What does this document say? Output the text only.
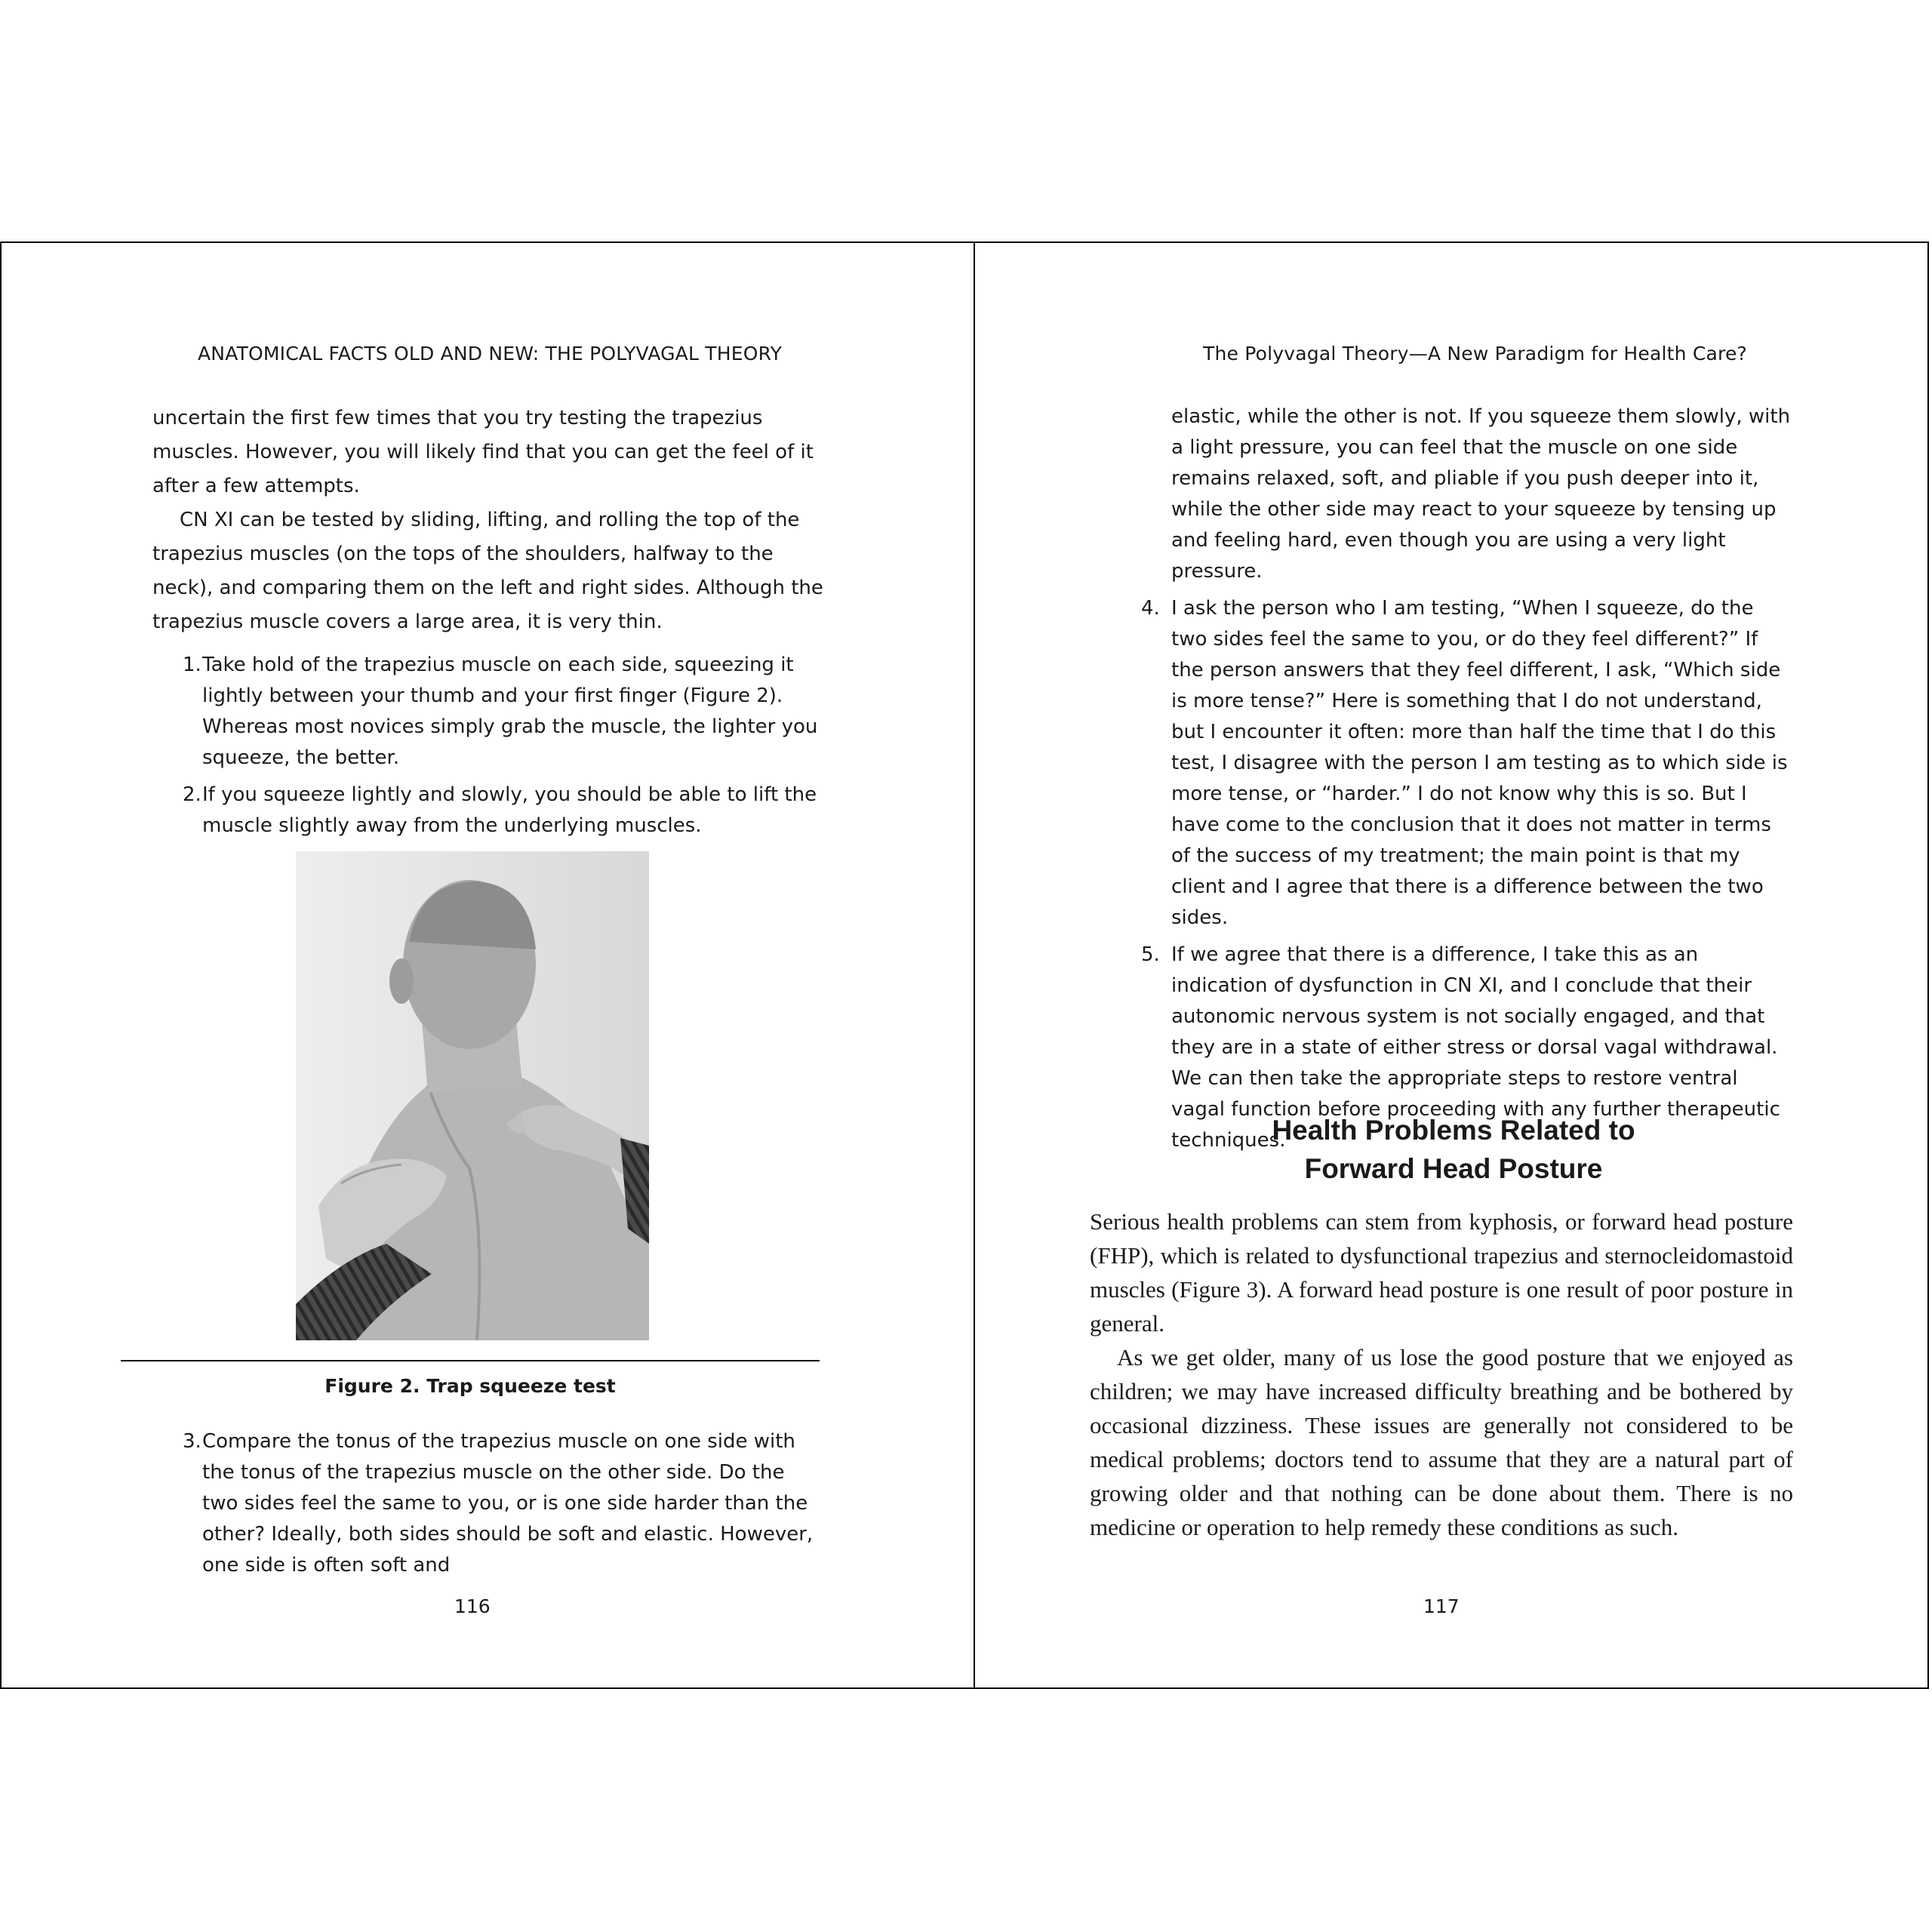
ANATOMICAL FACTS OLD AND NEW: THE POLYVAGAL THEORY

uncertain the first few times that you try testing the trapezius muscles. However, you will likely find that you can get the feel of it after a few attempts.

CN XI can be tested by sliding, lifting, and rolling the top of the trapezius muscles (on the tops of the shoulders, halfway to the neck), and comparing them on the left and right sides. Although the trapezius muscle covers a large area, it is very thin.

1. Take hold of the trapezius muscle on each side, squeezing it lightly between your thumb and your first finger (Figure 2). Whereas most novices simply grab the muscle, the lighter you squeeze, the better.
2. If you squeeze lightly and slowly, you should be able to lift the muscle slightly away from the underlying muscles.
Figure 2. Trap squeeze test
3. Compare the tonus of the trapezius muscle on one side with the tonus of the trapezius muscle on the other side. Do the two sides feel the same to you, or is one side harder than the other? Ideally, both sides should be soft and elastic. However, one side is often soft and
116
The Polyvagal Theory—A New Paradigm for Health Care?

elastic, while the other is not. If you squeeze them slowly, with a light pressure, you can feel that the muscle on one side remains relaxed, soft, and pliable if you push deeper into it, while the other side may react to your squeeze by tensing up and feeling hard, even though you are using a very light pressure.

4. I ask the person who I am testing, “When I squeeze, do the two sides feel the same to you, or do they feel different?” If the person answers that they feel different, I ask, “Which side is more tense?” Here is something that I do not understand, but I encounter it often: more than half the time that I do this test, I disagree with the person I am testing as to which side is more tense, or “harder.” I do not know why this is so. But I have come to the conclusion that it does not matter in terms of the success of my treatment; the main point is that my client and I agree that there is a difference between the two sides.
5. If we agree that there is a difference, I take this as an indication of dysfunction in CN XI, and I conclude that their autonomic nervous system is not socially engaged, and that they are in a state of either stress or dorsal vagal withdrawal. We can then take the appropriate steps to restore ventral vagal function before proceeding with any further therapeutic techniques.
Health Problems Related to
Forward Head Posture

Serious health problems can stem from kyphosis, or forward head posture (FHP), which is related to dysfunctional trapezius and sternocleidomastoid muscles (Figure 3). A forward head posture is one result of poor posture in general.

As we get older, many of us lose the good posture that we enjoyed as children; we may have increased difficulty breathing and be bothered by occasional dizziness. These issues are generally not considered to be medical problems; doctors tend to assume that they are a natural part of growing older and that nothing can be done about them. There is no medicine or operation to help remedy these conditions as such.

117
